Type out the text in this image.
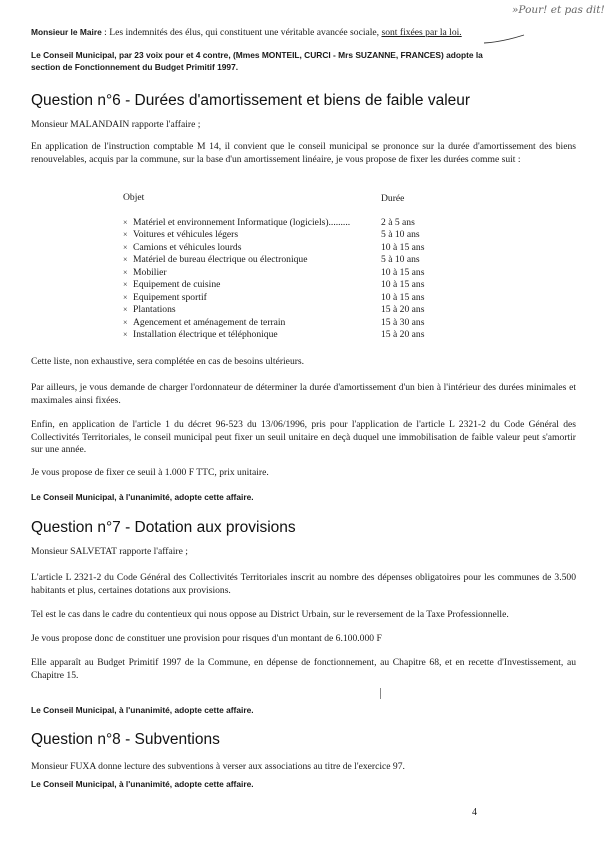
»Pour! et pas dit!
Monsieur le Maire : Les indemnités des élus, qui constituent une véritable avancée sociale, sont fixées par la loi.
Le Conseil Municipal, par 23 voix pour et 4 contre, (Mmes MONTEIL, CURCI - Mrs SUZANNE, FRANCES) adopte la
section de Fonctionnement du Budget Primitif 1997.
Question n°6 - Durées d'amortissement et biens de faible valeur
Monsieur MALANDAIN rapporte l'affaire ;
En application de l'instruction comptable M 14, il convient que le conseil municipal se prononce sur la durée d'amortissement des biens renouvelables, acquis par la commune, sur la base d'un amortissement linéaire, je vous propose de fixer les durées comme suit :
Objet	Durée
× Matériel et environnement Informatique (logiciels).........	2 à 5 ans
× Voitures et véhicules légers	5 à 10 ans
× Camions et véhicules lourds	10 à 15 ans
× Matériel de bureau électrique ou électronique	5 à 10 ans
× Mobilier	10 à 15 ans
× Equipement de cuisine	10 à 15 ans
× Equipement sportif	10 à 15 ans
× Plantations	15 à 20 ans
× Agencement et aménagement de terrain	15 à 30 ans
× Installation électrique et téléphonique	15 à 20 ans
Cette liste, non exhaustive, sera complétée en cas de besoins ultérieurs.
Par ailleurs, je vous demande de charger l'ordonnateur de déterminer la durée d'amortissement d'un bien à l'intérieur des durées minimales et maximales ainsi fixées.
Enfin, en application de l'article 1 du décret 96-523 du 13/06/1996, pris pour l'application de l'article L 2321-2 du Code Général des Collectivités Territoriales, le conseil municipal peut fixer un seuil unitaire en deçà duquel une immobilisation de faible valeur peut s'amortir sur une année.
Je vous propose de fixer ce seuil à 1.000 F TTC, prix unitaire.
Le Conseil Municipal, à l'unanimité, adopte cette affaire.
Question n°7 - Dotation aux provisions
Monsieur SALVETAT rapporte l'affaire ;
L'article L 2321-2 du Code Général des Collectivités Territoriales inscrit au nombre des dépenses obligatoires pour les communes de 3.500 habitants et plus, certaines dotations aux provisions.
Tel est le cas dans le cadre du contentieux qui nous oppose au District Urbain, sur le reversement de la Taxe Professionnelle.
Je vous propose donc de constituer une provision pour risques d'un montant de 6.100.000 F
Elle apparaît au Budget Primitif 1997 de la Commune, en dépense de fonctionnement, au Chapitre 68, et en recette d'Investissement, au Chapitre 15.
Le Conseil Municipal, à l'unanimité, adopte cette affaire.
Question n°8 - Subventions
Monsieur FUXA donne lecture des subventions à verser aux associations au titre de l'exercice 97.
Le Conseil Municipal, à l'unanimité, adopte cette affaire.
4
